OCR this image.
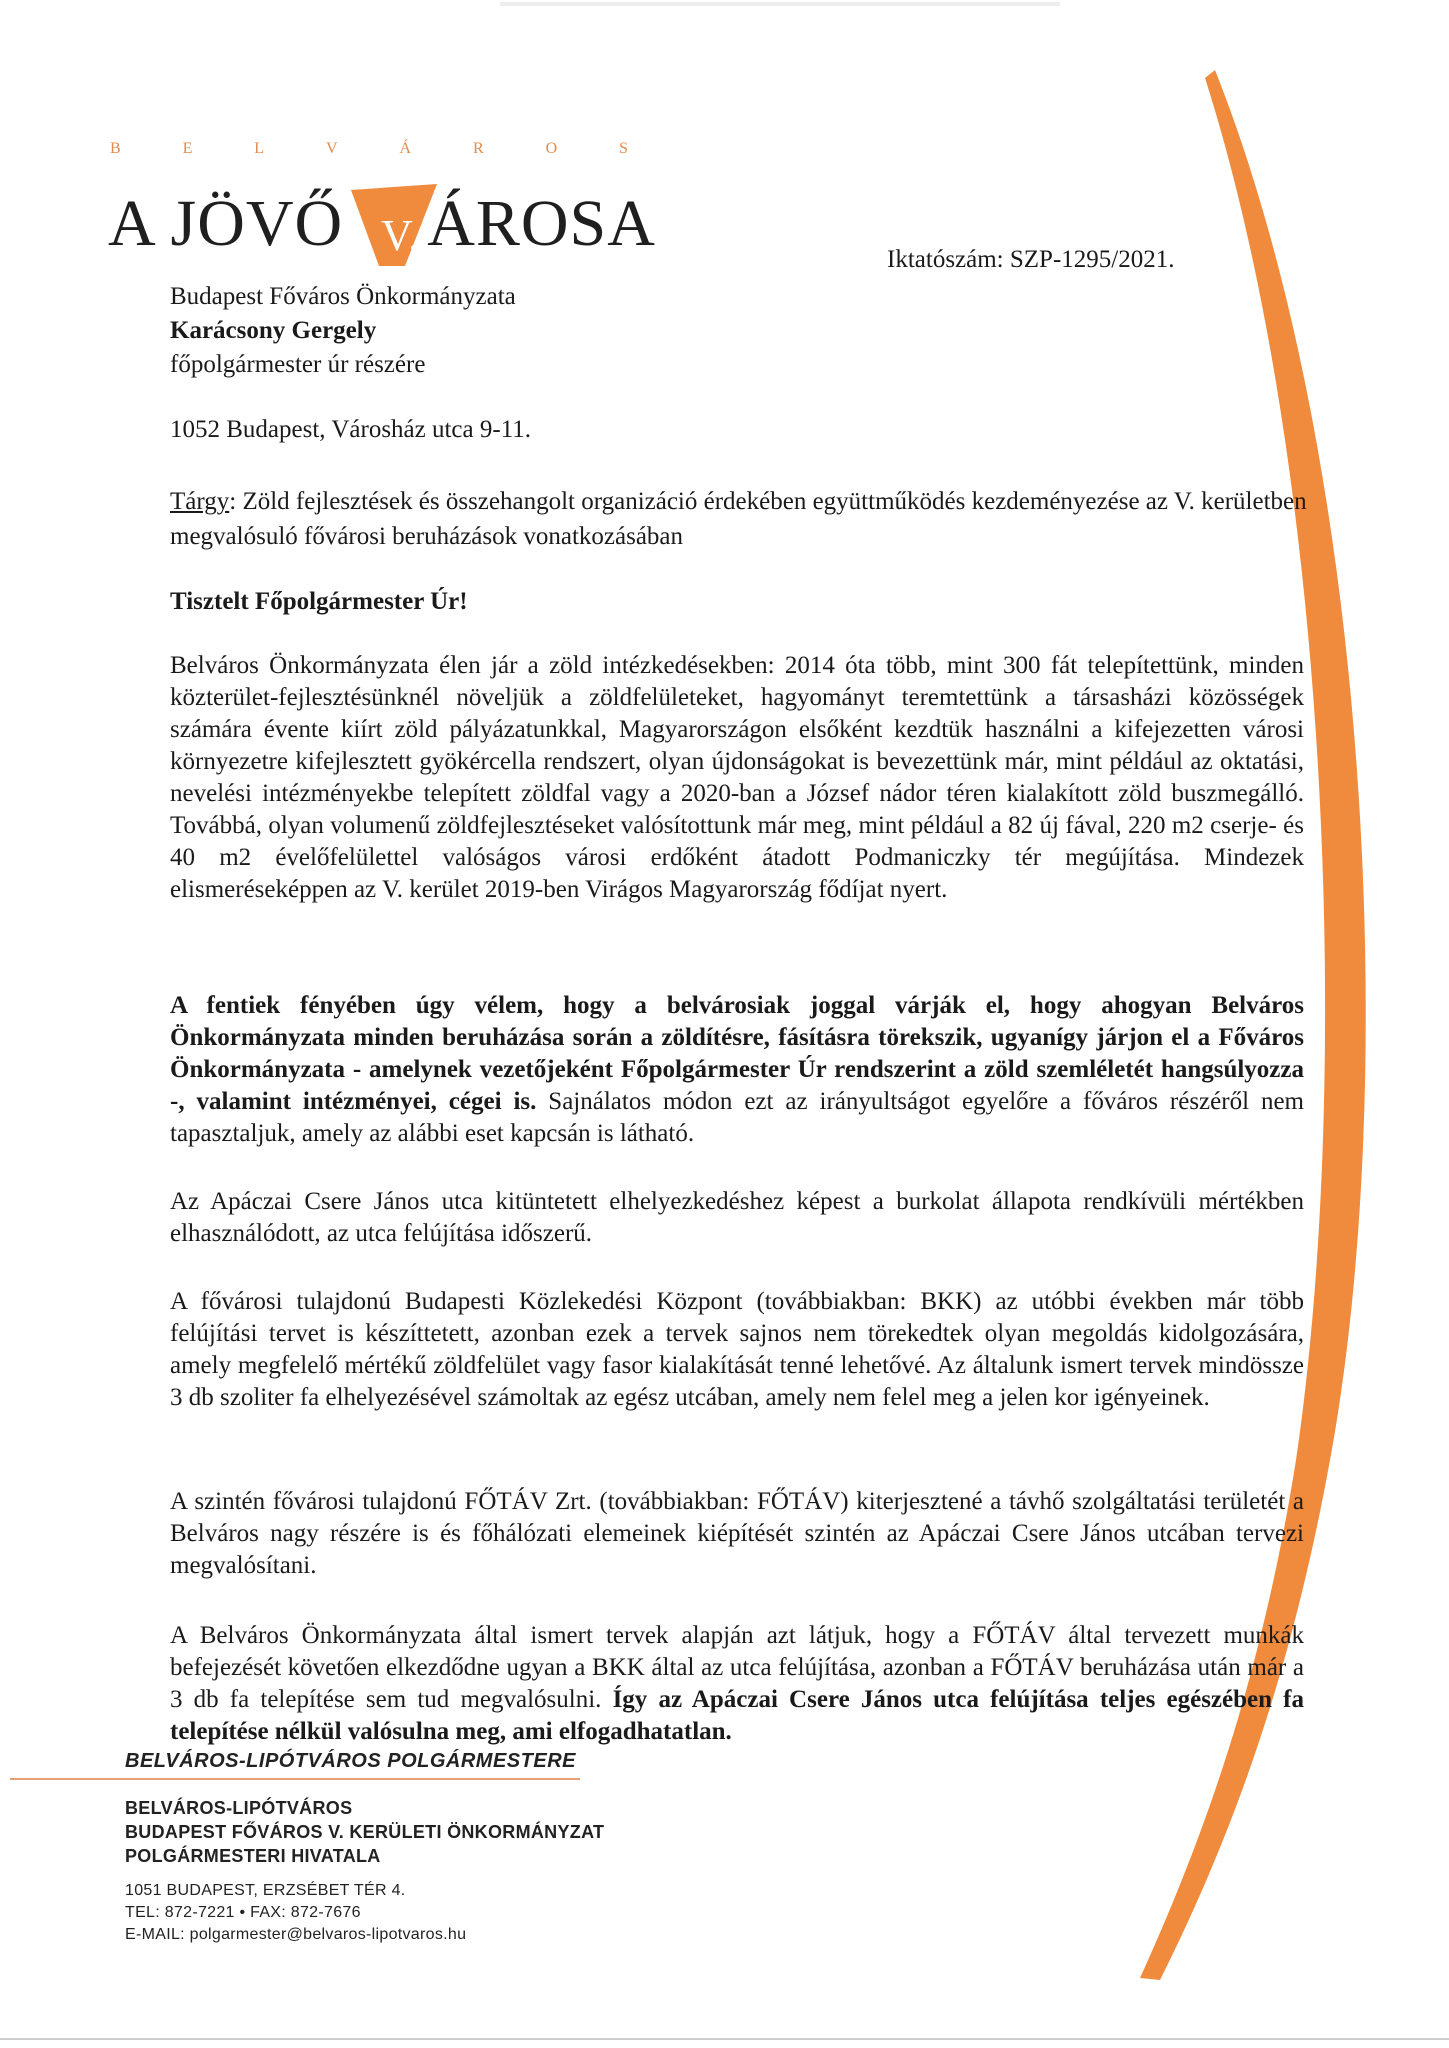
B	E	L	V	Á	R	O	S
A JÖVŐ V. ÁROSA	Iktatószám: SZP-1295/2021.
Budapest Főváros Önkormányzata
Karácsony Gergely
főpolgármester úr részére
1052 Budapest, Városház utca 9-11.
Tárgy: Zöld fejlesztések és összehangolt organizáció érdekében együttműködés kezdeményezése az V. kerületben megvalósuló fővárosi beruházások vonatkozásában
Tisztelt Főpolgármester Úr!

Belváros Önkormányzata élen jár a zöld intézkedésekben: 2014 óta több, mint 300 fát telepítettünk, minden közterület-fejlesztésünknél növeljük a zöldfelületeket, hagyományt teremtettünk a társasházi közösségek számára évente kiírt zöld pályázatunkkal, Magyarországon elsőként kezdtük használni a kifejezetten városi környezetre kifejlesztett gyökércella rendszert, olyan újdonságokat is bevezettünk már, mint például az oktatási, nevelési intézményekbe telepített zöldfal vagy a 2020-ban a József nádor téren kialakított zöld buszmegálló. Továbbá, olyan volumenű zöldfejlesztéseket valósítottunk már meg, mint például a 82 új fával, 220 m2 cserje- és 40 m2 évelőfelülettel valóságos városi erdőként átadott Podmaniczky tér megújítása. Mindezek elismeréseképpen az V. kerület 2019-ben Virágos Magyarország fődíjat nyert.

A fentiek fényében úgy vélem, hogy a belvárosiak joggal várják el, hogy ahogyan Belváros Önkormányzata minden beruházása során a zöldítésre, fásításra törekszik, ugyanígy járjon el a Főváros Önkormányzata - amelynek vezetőjeként Főpolgármester Úr rendszerint a zöld szemléletét hangsúlyozza -, valamint intézményei, cégei is. Sajnálatos módon ezt az irányultságot egyelőre a főváros részéről nem tapasztaljuk, amely az alábbi eset kapcsán is látható.

Az Apáczai Csere János utca kitüntetett elhelyezkedéshez képest a burkolat állapota rendkívüli mértékben elhasználódott, az utca felújítása időszerű.

A fővárosi tulajdonú Budapesti Közlekedési Központ (továbbiakban: BKK) az utóbbi években már több felújítási tervet is készíttetett, azonban ezek a tervek sajnos nem törekedtek olyan megoldás kidolgozására, amely megfelelő mértékű zöldfelület vagy fasor kialakítását tenné lehetővé. Az általunk ismert tervek mindössze 3 db szoliter fa elhelyezésével számoltak az egész utcában, amely nem felel meg a jelen kor igényeinek.

A szintén fővárosi tulajdonú FŐTÁV Zrt. (továbbiakban: FŐTÁV) kiterjesztené a távhő szolgáltatási területét a Belváros nagy részére is és főhálózati elemeinek kiépítését szintén az Apáczai Csere János utcában tervezi megvalósítani.

A Belváros Önkormányzata által ismert tervek alapján azt látjuk, hogy a FŐTÁV által tervezett munkák befejezését követően elkezdődne ugyan a BKK által az utca felújítása, azonban a FŐTÁV beruházása után már a 3 db fa telepítése sem tud megvalósulni. Így az Apáczai Csere János utca felújítása teljes egészében fa telepítése nélkül valósulna meg, ami elfogadhatatlan.

BELVÁROS-LIPÓTVÁROS POLGÁRMESTERE
BELVÁROS-LIPÓTVÁROS
BUDAPEST FŐVÁROS V. KERÜLETI ÖNKORMÁNYZAT
POLGÁRMESTERI HIVATALA
1051 BUDAPEST, ERZSÉBET TÉR 4.
TEL: 872-7221 • FAX: 872-7676
E-MAIL: polgarmester@belvaros-lipotvaros.hu
